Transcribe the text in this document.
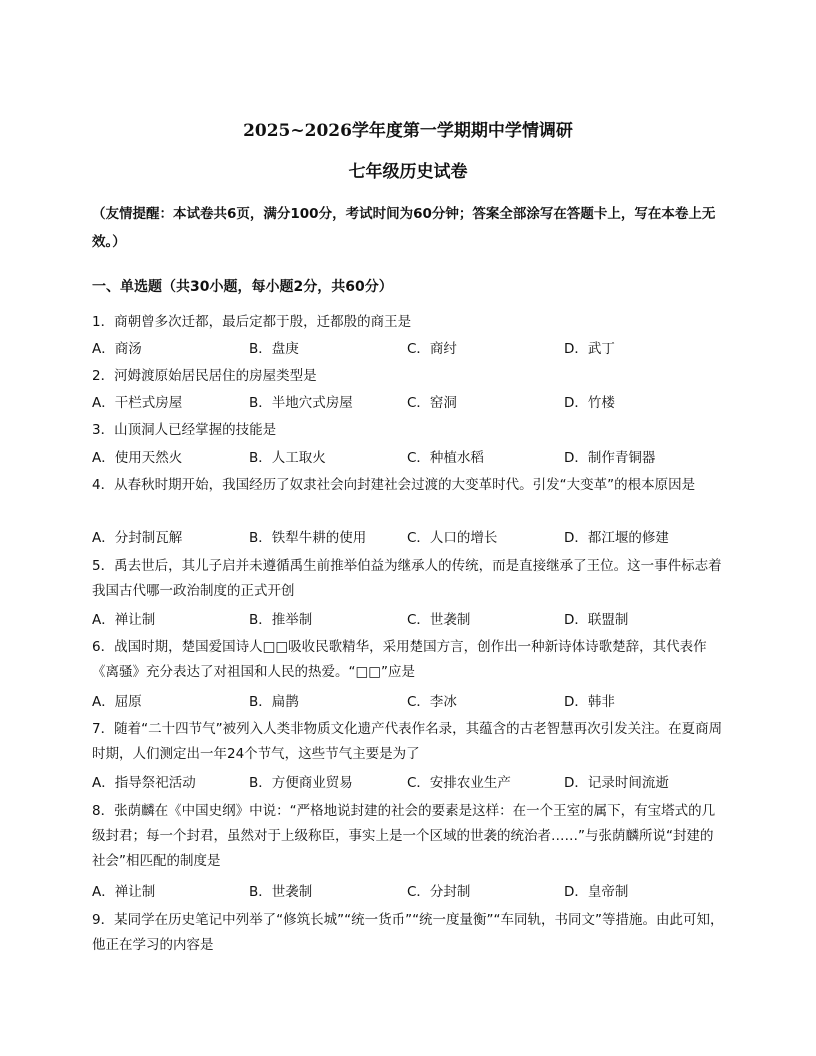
2025~2026学年度第一学期期中学情调研
七年级历史试卷
（友情提醒：本试卷共6页，满分100分，考试时间为60分钟；答案全部涂写在答题卡上，写在本卷上无效。）
一、单选题（共30小题，每小题2分，共60分）
1．商朝曾多次迁都，最后定都于殷，迁都殷的商王是
A．商汤	B．盘庚	C．商纣	D．武丁
2．河姆渡原始居民居住的房屋类型是
A．干栏式房屋	B．半地穴式房屋	C．窑洞	D．竹楼
3．山顶洞人已经掌握的技能是
A．使用天然火	B．人工取火	C．种植水稻	D．制作青铜器
4．从春秋时期开始，我国经历了奴隶社会向封建社会过渡的大变革时代。引发“大变革”的根本原因是
A．分封制瓦解	B．铁犁牛耕的使用	C．人口的增长	D．都江堰的修建
5．禹去世后，其儿子启并未遵循禹生前推举伯益为继承人的传统，而是直接继承了王位。这一事件标志着我国古代哪一政治制度的正式开创
A．禅让制	B．推举制	C．世袭制	D．联盟制
6．战国时期，楚国爱国诗人□□吸收民歌精华，采用楚国方言，创作出一种新诗体诗歌楚辞，其代表作《离骚》充分表达了对祖国和人民的热爱。“□□”应是
A．屈原	B．扁鹊	C．李冰	D．韩非
7．随着“二十四节气”被列入人类非物质文化遗产代表作名录，其蕴含的古老智慧再次引发关注。在夏商周时期，人们测定出一年24个节气，这些节气主要是为了
A．指导祭祀活动	B．方便商业贸易	C．安排农业生产	D．记录时间流逝
8．张荫麟在《中国史纲》中说：“严格地说封建的社会的要素是这样：在一个王室的属下，有宝塔式的几级封君；每一个封君，虽然对于上级称臣，事实上是一个区域的世袭的统治者……”与张荫麟所说“封建的社会”相匹配的制度是
A．禅让制	B．世袭制	C．分封制	D．皇帝制
9．某同学在历史笔记中列举了“修筑长城”“统一货币”“统一度量衡”“车同轨，书同文”等措施。由此可知，他正在学习的内容是
